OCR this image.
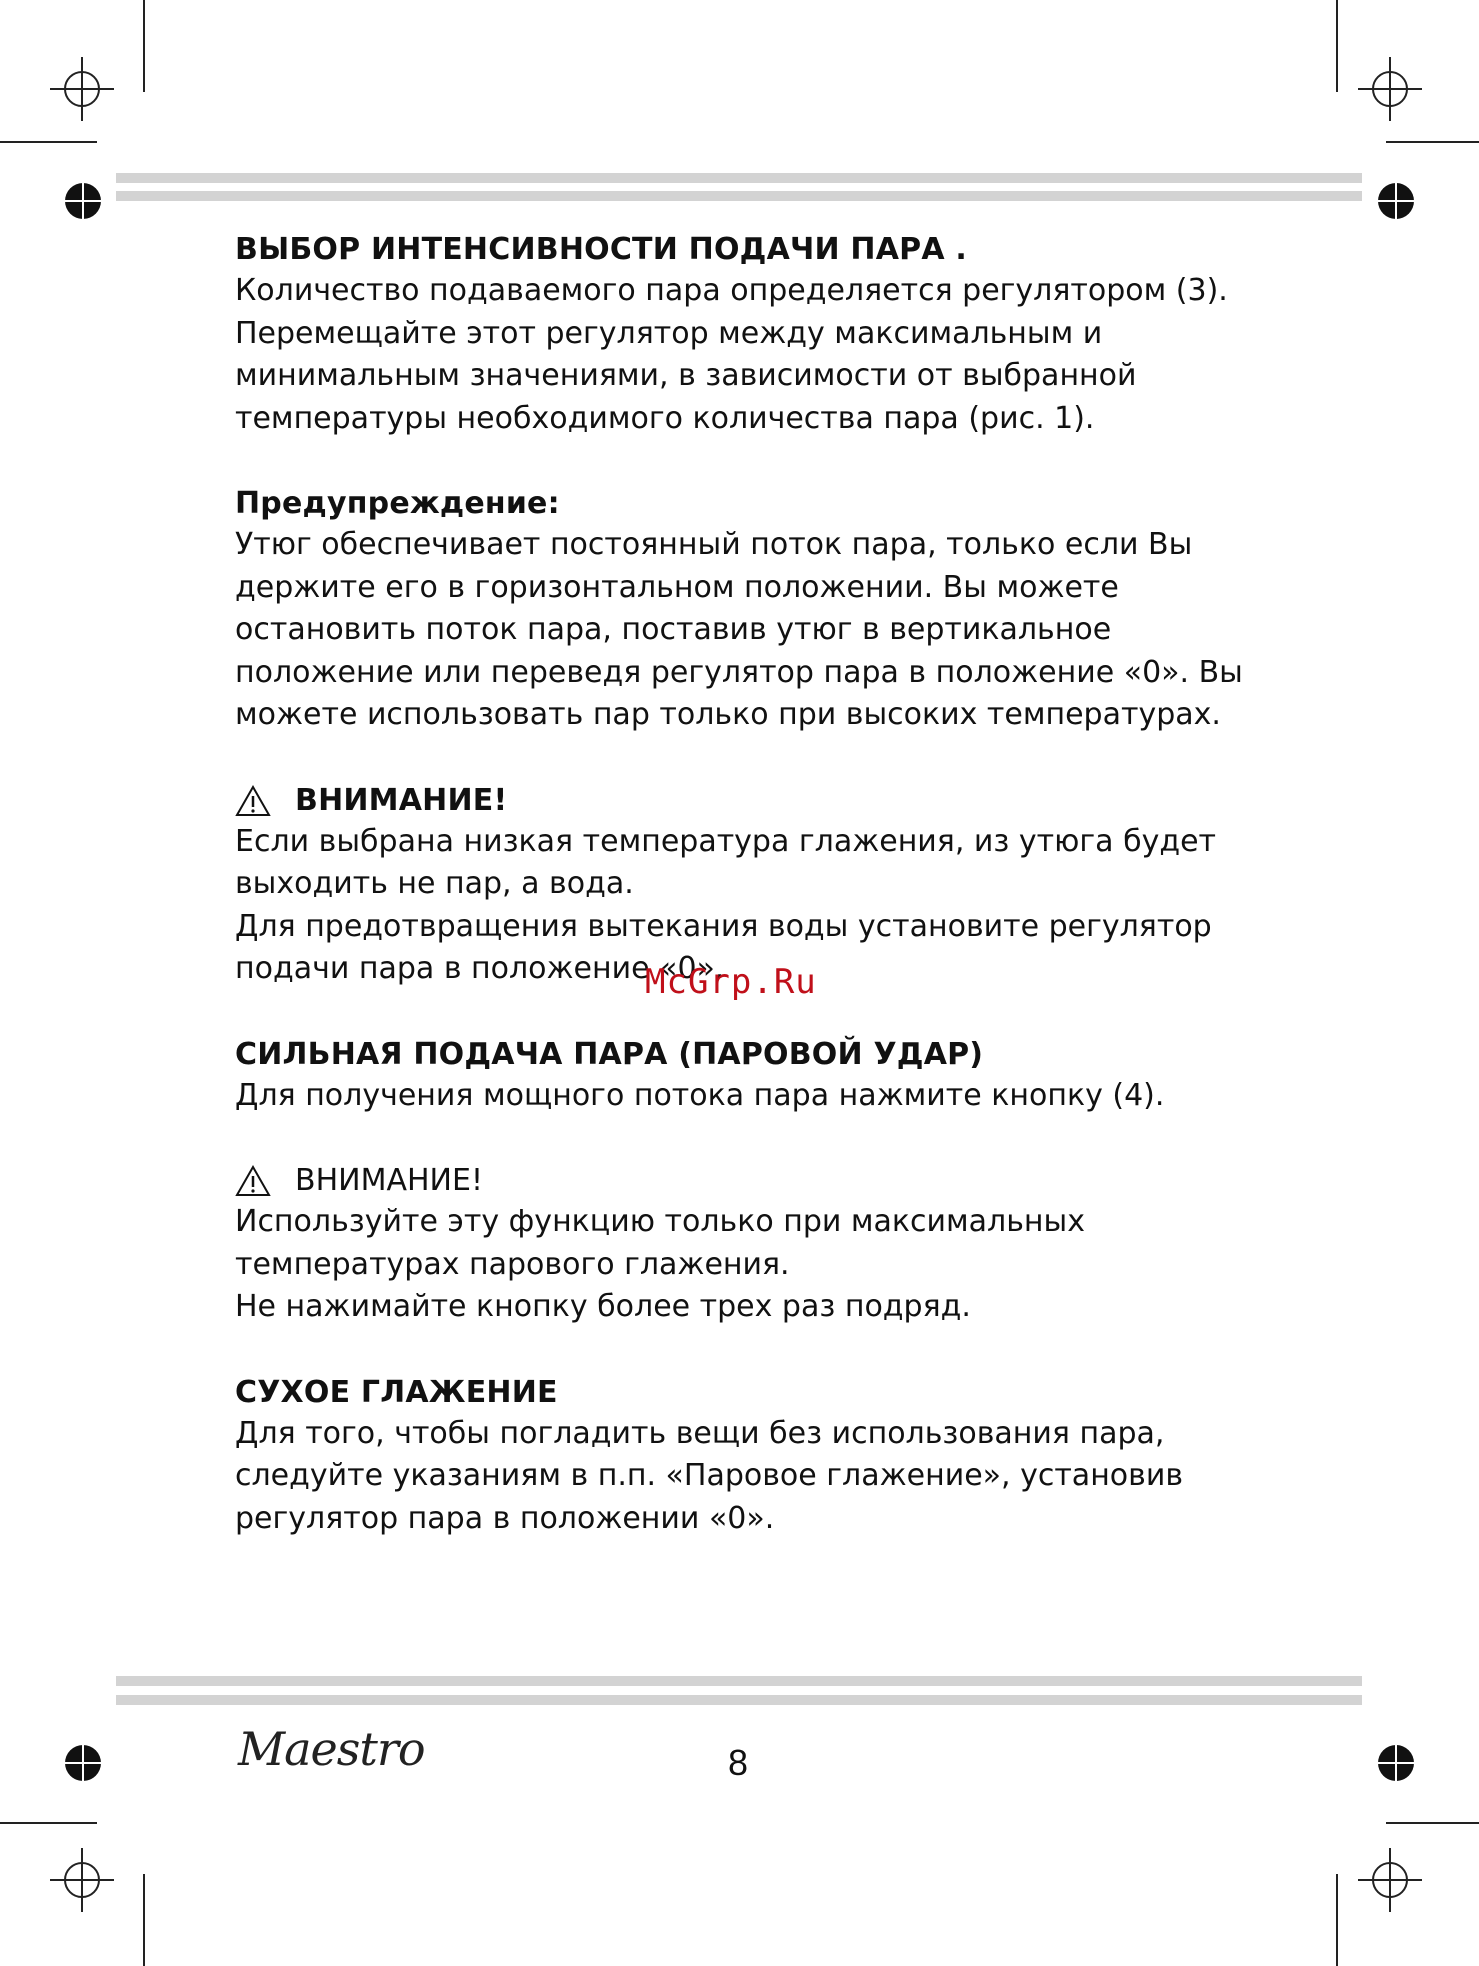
ВЫБОР ИНТЕНСИВНОСТИ ПОДАЧИ ПАРА .

Количество подаваемого пара определяется регулятором (3).

Перемещайте этот регулятор между максимальным и

минимальным значениями, в зависимости от выбранной

температуры необходимого количества пара (рис. 1).

Предупреждение:

Утюг обеспечивает постоянный поток пара, только если Вы

держите его в горизонтальном положении. Вы можете

остановить поток пара, поставив утюг в вертикальное

положение или переведя регулятор пара в положение «0». Вы

можете использовать пар только при высоких температурах.

ВНИМАНИЕ!

Если выбрана низкая температура глажения, из утюга будет

выходить не пар, а вода.

Для предотвращения вытекания воды установите регулятор

подачи пара в положение «0».

СИЛЬНАЯ ПОДАЧА ПАРА (ПАРОВОЙ УДАР)

Для получения мощного потока пара нажмите кнопку (4).

ВНИМАНИЕ!

Используйте эту функцию только при максимальных

температурах парового глажения.

Не нажимайте кнопку более трех раз подряд.

СУХОЕ ГЛАЖЕНИЕ

Для того, чтобы погладить вещи без использования пара,

следуйте указаниям в п.п. «Паровое глажение», установив

регулятор пара в положении «0».

McGrp.Ru
Maestro	8
